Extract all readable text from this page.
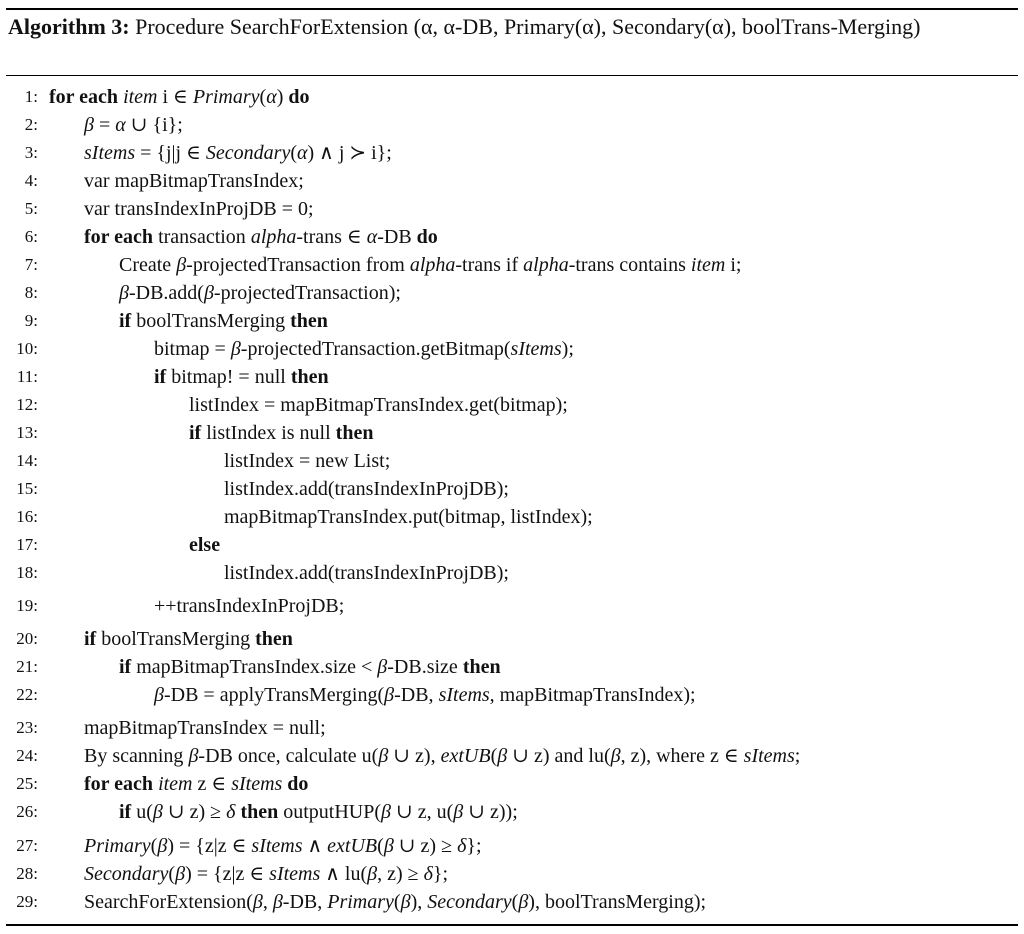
Algorithm 3: Procedure SearchForExtension (α, α-DB, Primary(α), Secondary(α), boolTrans-Merging)
1: for each item i ∈ Primary(α) do
2: β = α ∪ {i};
3: sItems = {j|j ∈ Secondary(α) ∧ j ≻ i};
4: var mapBitmapTransIndex;
5: var transIndexInProjDB = 0;
6: for each transaction alpha-trans ∈ α-DB do
7:	Create β-projectedTransaction from alpha-trans if alpha-trans contains item i;
8:	β-DB.add(β-projectedTransaction);
9:	if boolTransMerging then
10:	bitmap = β-projectedTransaction.getBitmap(sItems);
11:	if bitmap! = null then
12:	listIndex = mapBitmapTransIndex.get(bitmap);
13:	if listIndex is null then
14:	listIndex = new List;
15:	listIndex.add(transIndexInProjDB);
16:	mapBitmapTransIndex.put(bitmap, listIndex);
17:	else
18:	listIndex.add(transIndexInProjDB);
19:	++transIndexInProjDB;
20: if boolTransMerging then
21:	if mapBitmapTransIndex.size < β-DB.size then
22:	β-DB = applyTransMerging(β-DB, sItems, mapBitmapTransIndex);
23: mapBitmapTransIndex = null;
24: By scanning β-DB once, calculate u(β ∪ z), extUB(β ∪ z) and lu(β, z), where z ∈ sItems;
25: for each item z ∈ sItems do
26:	if u(β ∪ z) ≥ δ then outputHUP(β ∪ z, u(β ∪ z));
27: Primary(β) = {z|z ∈ sItems ∧ extUB(β ∪ z) ≥ δ};
28: Secondary(β) = {z|z ∈ sItems ∧ lu(β, z) ≥ δ};
29: SearchForExtension(β, β-DB, Primary(β), Secondary(β), boolTransMerging);
